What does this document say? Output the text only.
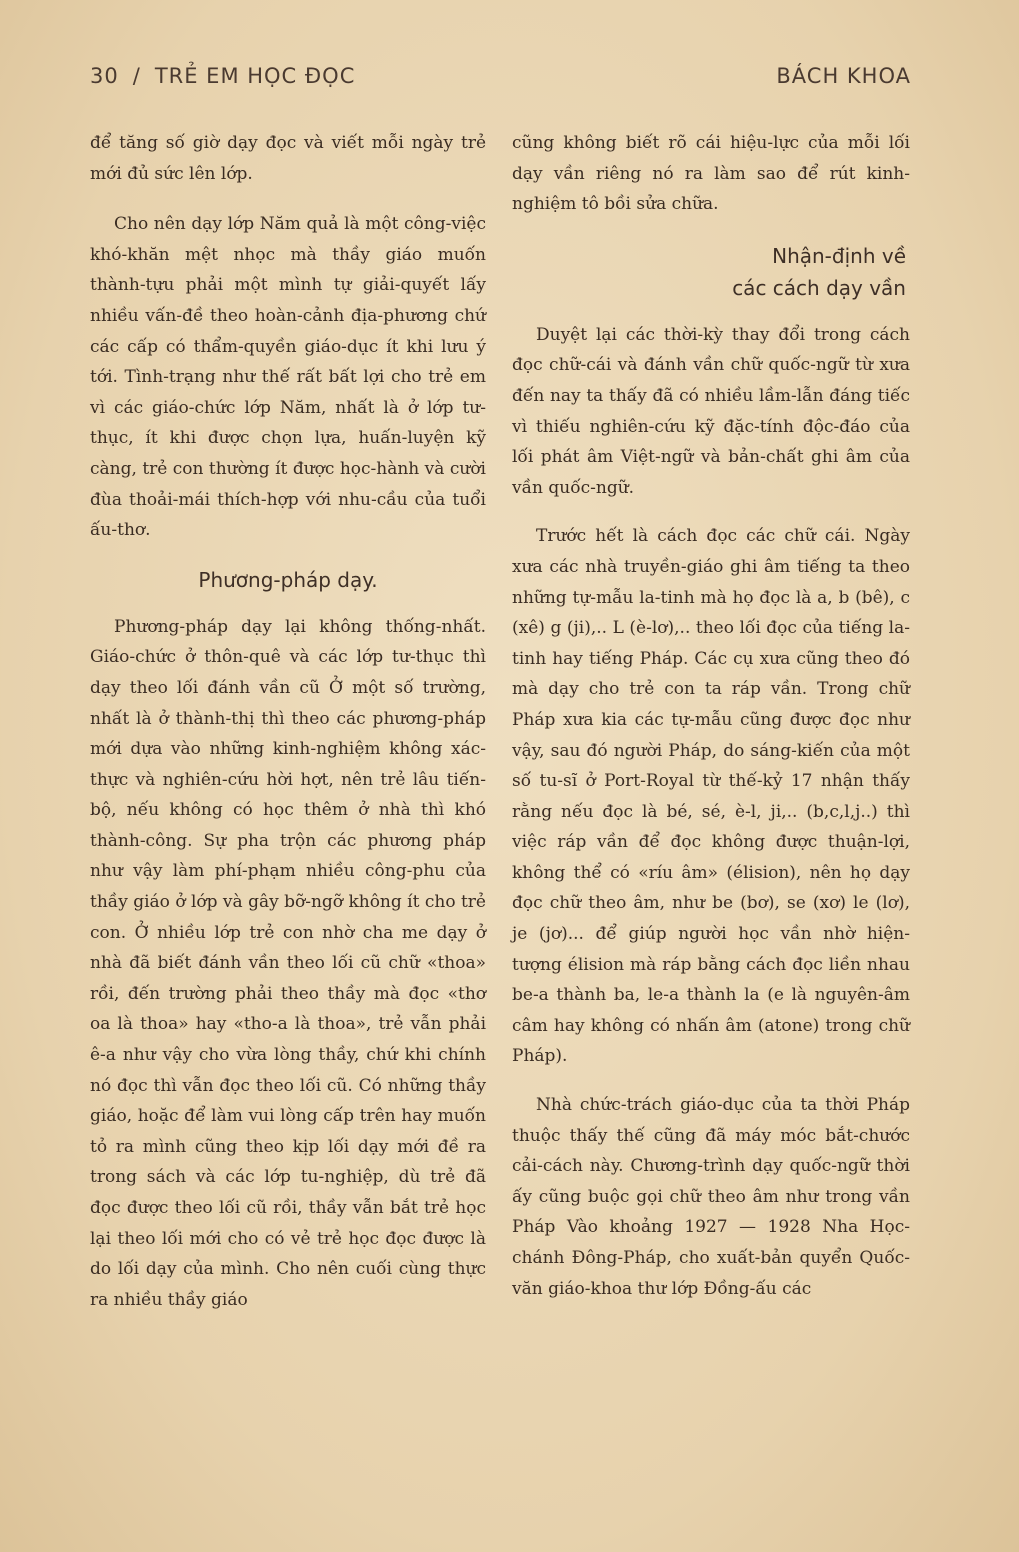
30 / TRẺ EM HỌC ĐỌC	BÁCH KHOA

để tăng số giờ dạy đọc và viết mỗi ngày trẻ mới đủ sức lên lớp.

Cho nên dạy lớp Năm quả là một công-việc khó-khăn mệt nhọc mà thầy giáo muốn thành-tựu phải một mình tự giải-quyết lấy nhiều vấn-đề theo hoàn-cảnh địa-phương chứ các cấp có thẩm-quyền giáo-dục ít khi lưu ý tới. Tình-trạng như thế rất bất lợi cho trẻ em vì các giáo-chức lớp Năm, nhất là ở lớp tư-thục, ít khi được chọn lựa, huấn-luyện kỹ càng, trẻ con thường ít được học-hành và cười đùa thoải-mái thích-hợp với nhu-cầu của tuổi ấu-thơ.

Phương-pháp dạy.

Phương-pháp dạy lại không thống-nhất. Giáo-chức ở thôn-quê và các lớp tư-thục thì dạy theo lối đánh vần cũ Ở một số trường, nhất là ở thành-thị thì theo các phương-pháp mới dựa vào những kinh-nghiệm không xác-thực và nghiên-cứu hời hợt, nên trẻ lâu tiến-bộ, nếu không có học thêm ở nhà thì khó thành-công. Sự pha trộn các phương pháp như vậy làm phí-phạm nhiều công-phu của thầy giáo ở lớp và gây bỡ-ngỡ không ít cho trẻ con. Ở nhiều lớp trẻ con nhờ cha me dạy ở nhà đã biết đánh vần theo lối cũ chữ «thoa» rồi, đến trường phải theo thầy mà đọc «thơ oa là thoa» hay «tho-a là thoa», trẻ vẫn phải ê-a như vậy cho vừa lòng thầy, chứ khi chính nó đọc thì vẫn đọc theo lối cũ. Có những thầy giáo, hoặc để làm vui lòng cấp trên hay muốn tỏ ra mình cũng theo kịp lối dạy mới đề ra trong sách và các lớp tu-nghiệp, dù trẻ đã đọc được theo lối cũ rồi, thầy vẫn bắt trẻ học lại theo lối mới cho có vẻ trẻ học đọc được là do lối dạy của mình. Cho nên cuối cùng thực ra nhiều thầy giáo

cũng không biết rõ cái hiệu-lực của mỗi lối dạy vần riêng nó ra làm sao để rút kinh-nghiệm tô bồi sửa chữa.

Nhận-định về
các cách dạy vần

Duyệt lại các thời-kỳ thay đổi trong cách đọc chữ-cái và đánh vần chữ quốc-ngữ từ xưa đến nay ta thấy đã có nhiều lầm-lẫn đáng tiếc vì thiếu nghiên-cứu kỹ đặc-tính độc-đáo của lối phát âm Việt-ngữ và bản-chất ghi âm của vần quốc-ngữ.

Trước hết là cách đọc các chữ cái. Ngày xưa các nhà truyền-giáo ghi âm tiếng ta theo những tự-mẫu la-tinh mà họ đọc là a, b (bê), c (xê) g (ji),.. L (è-lơ),.. theo lối đọc của tiếng la-tinh hay tiếng Pháp. Các cụ xưa cũng theo đó mà dạy cho trẻ con ta ráp vần. Trong chữ Pháp xưa kia các tự-mẫu cũng được đọc như vậy, sau đó người Pháp, do sáng-kiến của một số tu-sĩ ở Port-Royal từ thế-kỷ 17 nhận thấy rằng nếu đọc là bé, sé, è-l, ji,.. (b,c,l,j..) thì việc ráp vần để đọc không được thuận-lợi, không thể có «ríu âm» (élision), nên họ dạy đọc chữ theo âm, như be (bơ), se (xơ) le (lơ), je (jơ)... để giúp người học vần nhờ hiện-tượng élision mà ráp bằng cách đọc liền nhau be-a thành ba, le-a thành la (e là nguyên-âm câm hay không có nhấn âm (atone) trong chữ Pháp).

Nhà chức-trách giáo-dục của ta thời Pháp thuộc thấy thế cũng đã máy móc bắt-chước cải-cách này. Chương-trình dạy quốc-ngữ thời ấy cũng buộc gọi chữ theo âm như trong vần Pháp Vào khoảng 1927 — 1928 Nha Học-chánh Đông-Pháp, cho xuất-bản quyển Quốc-văn giáo-khoa thư lớp Đồng-ấu các
